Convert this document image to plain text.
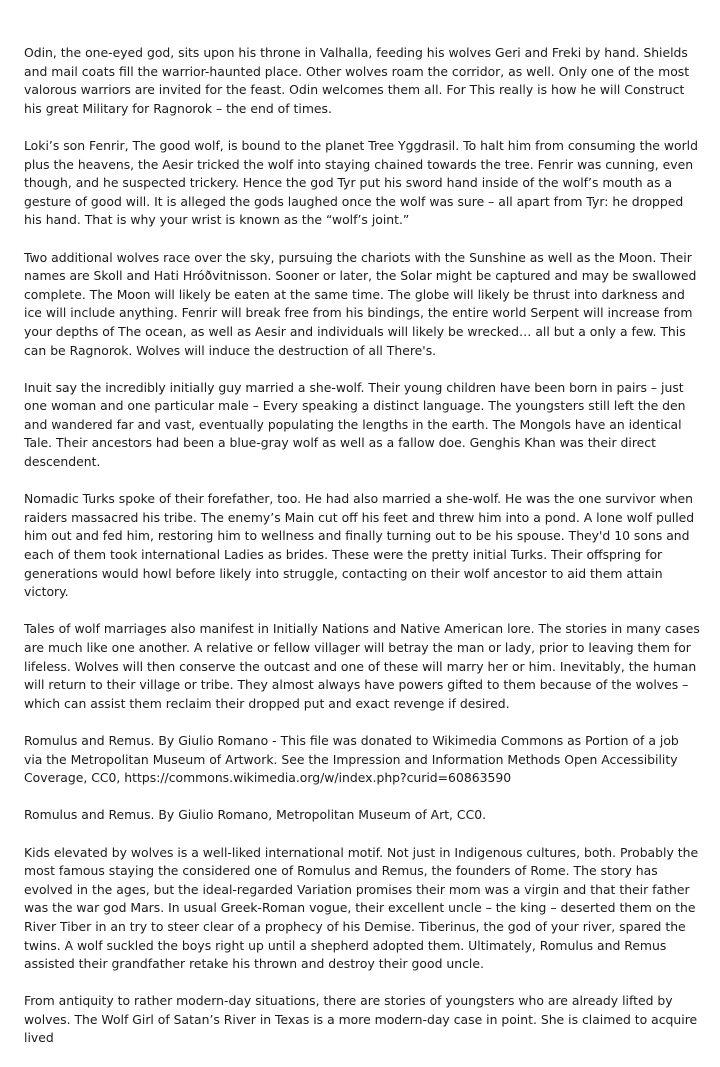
Odin, the one-eyed god, sits upon his throne in Valhalla, feeding his wolves Geri and Freki by hand. Shields and mail coats fill the warrior-haunted place. Other wolves roam the corridor, as well. Only one of the most valorous warriors are invited for the feast. Odin welcomes them all. For This really is how he will Construct his great Military for Ragnorok – the end of times.

Loki’s son Fenrir, The good wolf, is bound to the planet Tree Yggdrasil. To halt him from consuming the world plus the heavens, the Aesir tricked the wolf into staying chained towards the tree. Fenrir was cunning, even though, and he suspected trickery. Hence the god Tyr put his sword hand inside of the wolf’s mouth as a gesture of good will. It is alleged the gods laughed once the wolf was sure – all apart from Tyr: he dropped his hand. That is why your wrist is known as the “wolf’s joint.”

Two additional wolves race over the sky, pursuing the chariots with the Sunshine as well as the Moon. Their names are Skoll and Hati Hróðvitnisson. Sooner or later, the Solar might be captured and may be swallowed complete. The Moon will likely be eaten at the same time. The globe will likely be thrust into darkness and ice will include anything. Fenrir will break free from his bindings, the entire world Serpent will increase from your depths of The ocean, as well as Aesir and individuals will likely be wrecked… all but a only a few. This can be Ragnorok. Wolves will induce the destruction of all There's.

Inuit say the incredibly initially guy married a she-wolf. Their young children have been born in pairs – just one woman and one particular male – Every speaking a distinct language. The youngsters still left the den and wandered far and vast, eventually populating the lengths in the earth. The Mongols have an identical Tale. Their ancestors had been a blue-gray wolf as well as a fallow doe. Genghis Khan was their direct descendent.

Nomadic Turks spoke of their forefather, too. He had also married a she-wolf. He was the one survivor when raiders massacred his tribe. The enemy’s Main cut off his feet and threw him into a pond. A lone wolf pulled him out and fed him, restoring him to wellness and finally turning out to be his spouse. They'd 10 sons and each of them took international Ladies as brides. These were the pretty initial Turks. Their offspring for generations would howl before likely into struggle, contacting on their wolf ancestor to aid them attain victory.

Tales of wolf marriages also manifest in Initially Nations and Native American lore. The stories in many cases are much like one another. A relative or fellow villager will betray the man or lady, prior to leaving them for lifeless. Wolves will then conserve the outcast and one of these will marry her or him. Inevitably, the human will return to their village or tribe. They almost always have powers gifted to them because of the wolves – which can assist them reclaim their dropped put and exact revenge if desired.

Romulus and Remus. By Giulio Romano - This file was donated to Wikimedia Commons as Portion of a job via the Metropolitan Museum of Artwork. See the Impression and Information Methods Open Accessibility Coverage, CC0, https://commons.wikimedia.org/w/index.php?curid=60863590

Romulus and Remus. By Giulio Romano, Metropolitan Museum of Art, CC0.

Kids elevated by wolves is a well-liked international motif. Not just in Indigenous cultures, both. Probably the most famous staying the considered one of Romulus and Remus, the founders of Rome. The story has evolved in the ages, but the ideal-regarded Variation promises their mom was a virgin and that their father was the war god Mars. In usual Greek-Roman vogue, their excellent uncle – the king – deserted them on the River Tiber in an try to steer clear of a prophecy of his Demise. Tiberinus, the god of your river, spared the twins. A wolf suckled the boys right up until a shepherd adopted them. Ultimately, Romulus and Remus assisted their grandfather retake his thrown and destroy their good uncle.

From antiquity to rather modern-day situations, there are stories of youngsters who are already lifted by wolves. The Wolf Girl of Satan’s River in Texas is a more modern-day case in point. She is claimed to acquire lived
